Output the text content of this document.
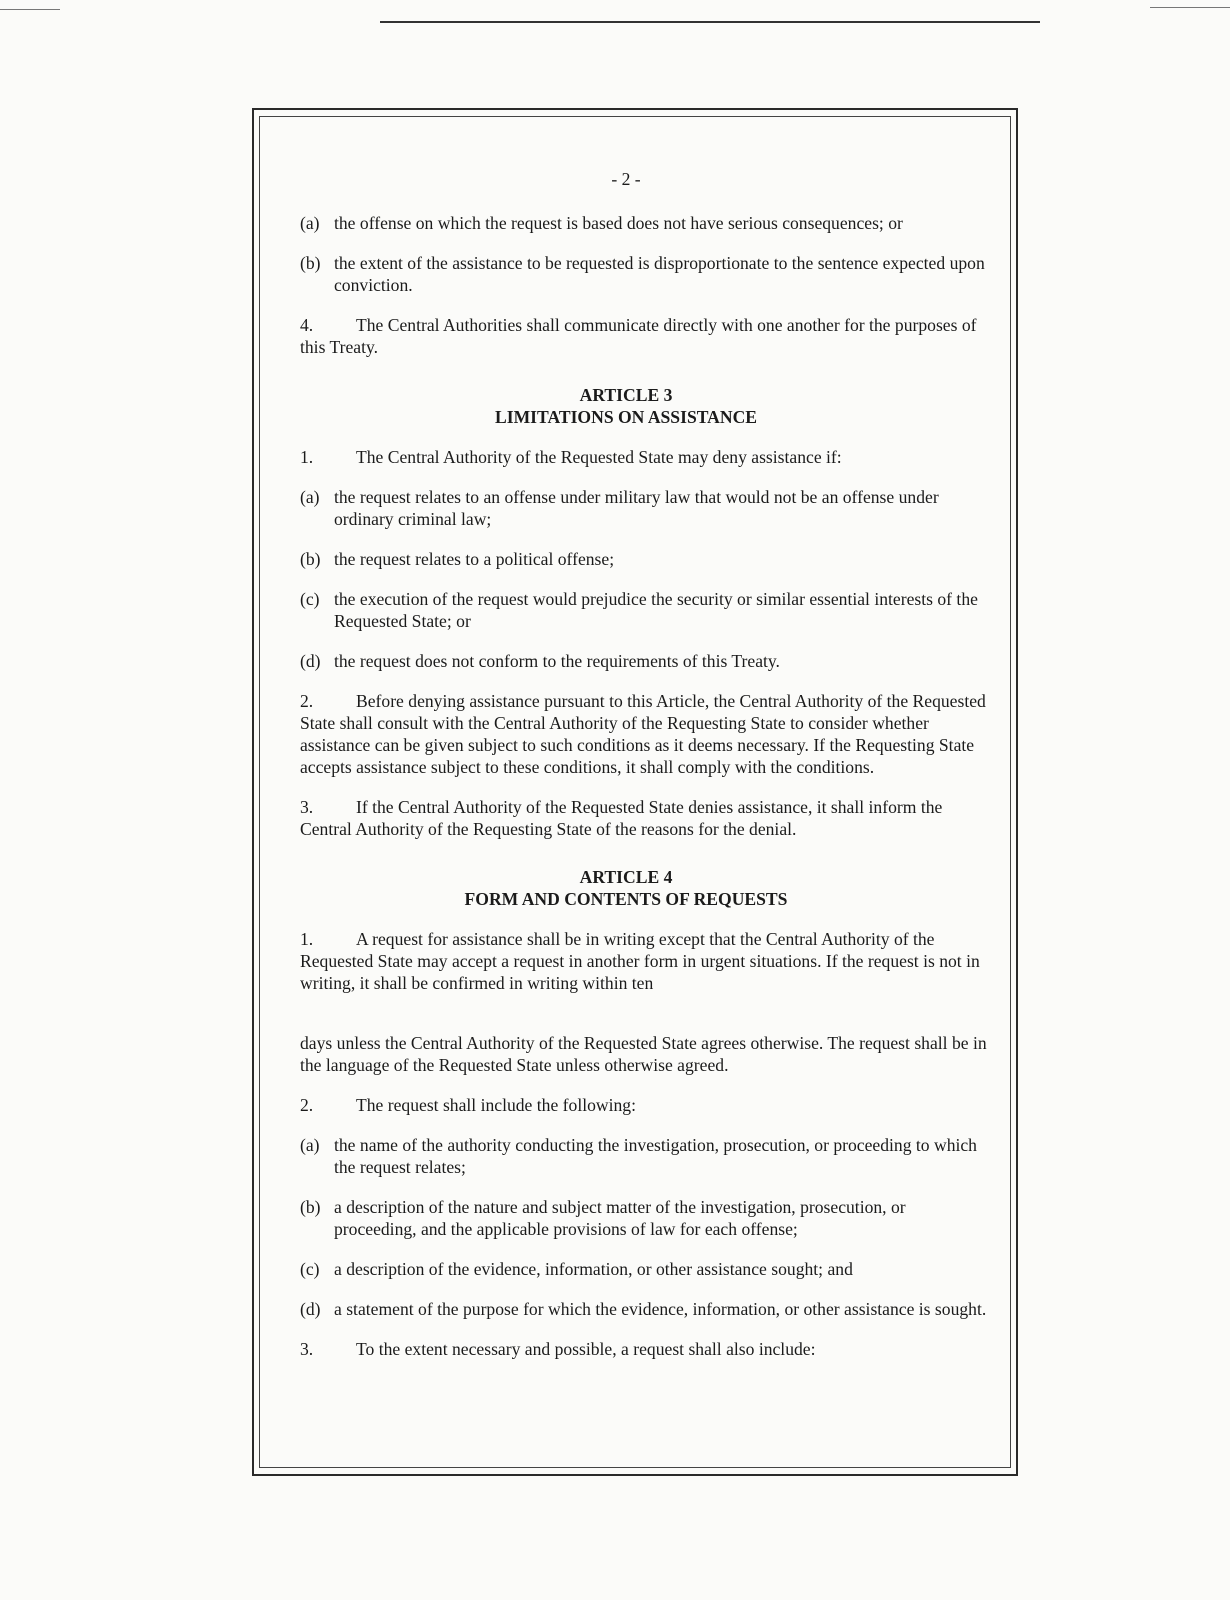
- 2 -
(a) the offense on which the request is based does not have serious consequences; or
(b) the extent of the assistance to be requested is disproportionate to the sentence expected upon conviction.
4. The Central Authorities shall communicate directly with one another for the purposes of this Treaty.
ARTICLE 3
LIMITATIONS ON ASSISTANCE
1. The Central Authority of the Requested State may deny assistance if:
(a) the request relates to an offense under military law that would not be an offense under ordinary criminal law;
(b) the request relates to a political offense;
(c) the execution of the request would prejudice the security or similar essential interests of the Requested State; or
(d) the request does not conform to the requirements of this Treaty.
2. Before denying assistance pursuant to this Article, the Central Authority of the Requested State shall consult with the Central Authority of the Requesting State to consider whether assistance can be given subject to such conditions as it deems necessary. If the Requesting State accepts assistance subject to these conditions, it shall comply with the conditions.
3. If the Central Authority of the Requested State denies assistance, it shall inform the Central Authority of the Requesting State of the reasons for the denial.
ARTICLE 4
FORM AND CONTENTS OF REQUESTS
1. A request for assistance shall be in writing except that the Central Authority of the Requested State may accept a request in another form in urgent situations. If the request is not in writing, it shall be confirmed in writing within ten
days unless the Central Authority of the Requested State agrees otherwise. The request shall be in the language of the Requested State unless otherwise agreed.
2. The request shall include the following:
(a) the name of the authority conducting the investigation, prosecution, or proceeding to which the request relates;
(b) a description of the nature and subject matter of the investigation, prosecution, or proceeding, and the applicable provisions of law for each offense;
(c) a description of the evidence, information, or other assistance sought; and
(d) a statement of the purpose for which the evidence, information, or other assistance is sought.
3. To the extent necessary and possible, a request shall also include:
